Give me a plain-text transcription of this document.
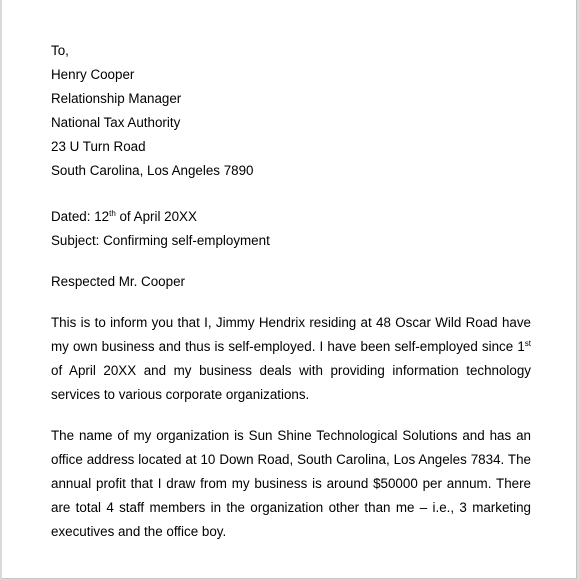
To,
Henry Cooper
Relationship Manager
National Tax Authority
23 U Turn Road
South Carolina, Los Angeles 7890
Dated: 12th of April 20XX
Subject: Confirming self-employment
Respected Mr. Cooper

This is to inform you that I, Jimmy Hendrix residing at 48 Oscar Wild Road have my own business and thus is self-employed. I have been self-employed since 1st of April 20XX and my business deals with providing information technology services to various corporate organizations.

The name of my organization is Sun Shine Technological Solutions and has an office address located at 10 Down Road, South Carolina, Los Angeles 7834. The annual profit that I draw from my business is around $50000 per annum. There are total 4 staff members in the organization other than me – i.e., 3 marketing executives and the office boy.
